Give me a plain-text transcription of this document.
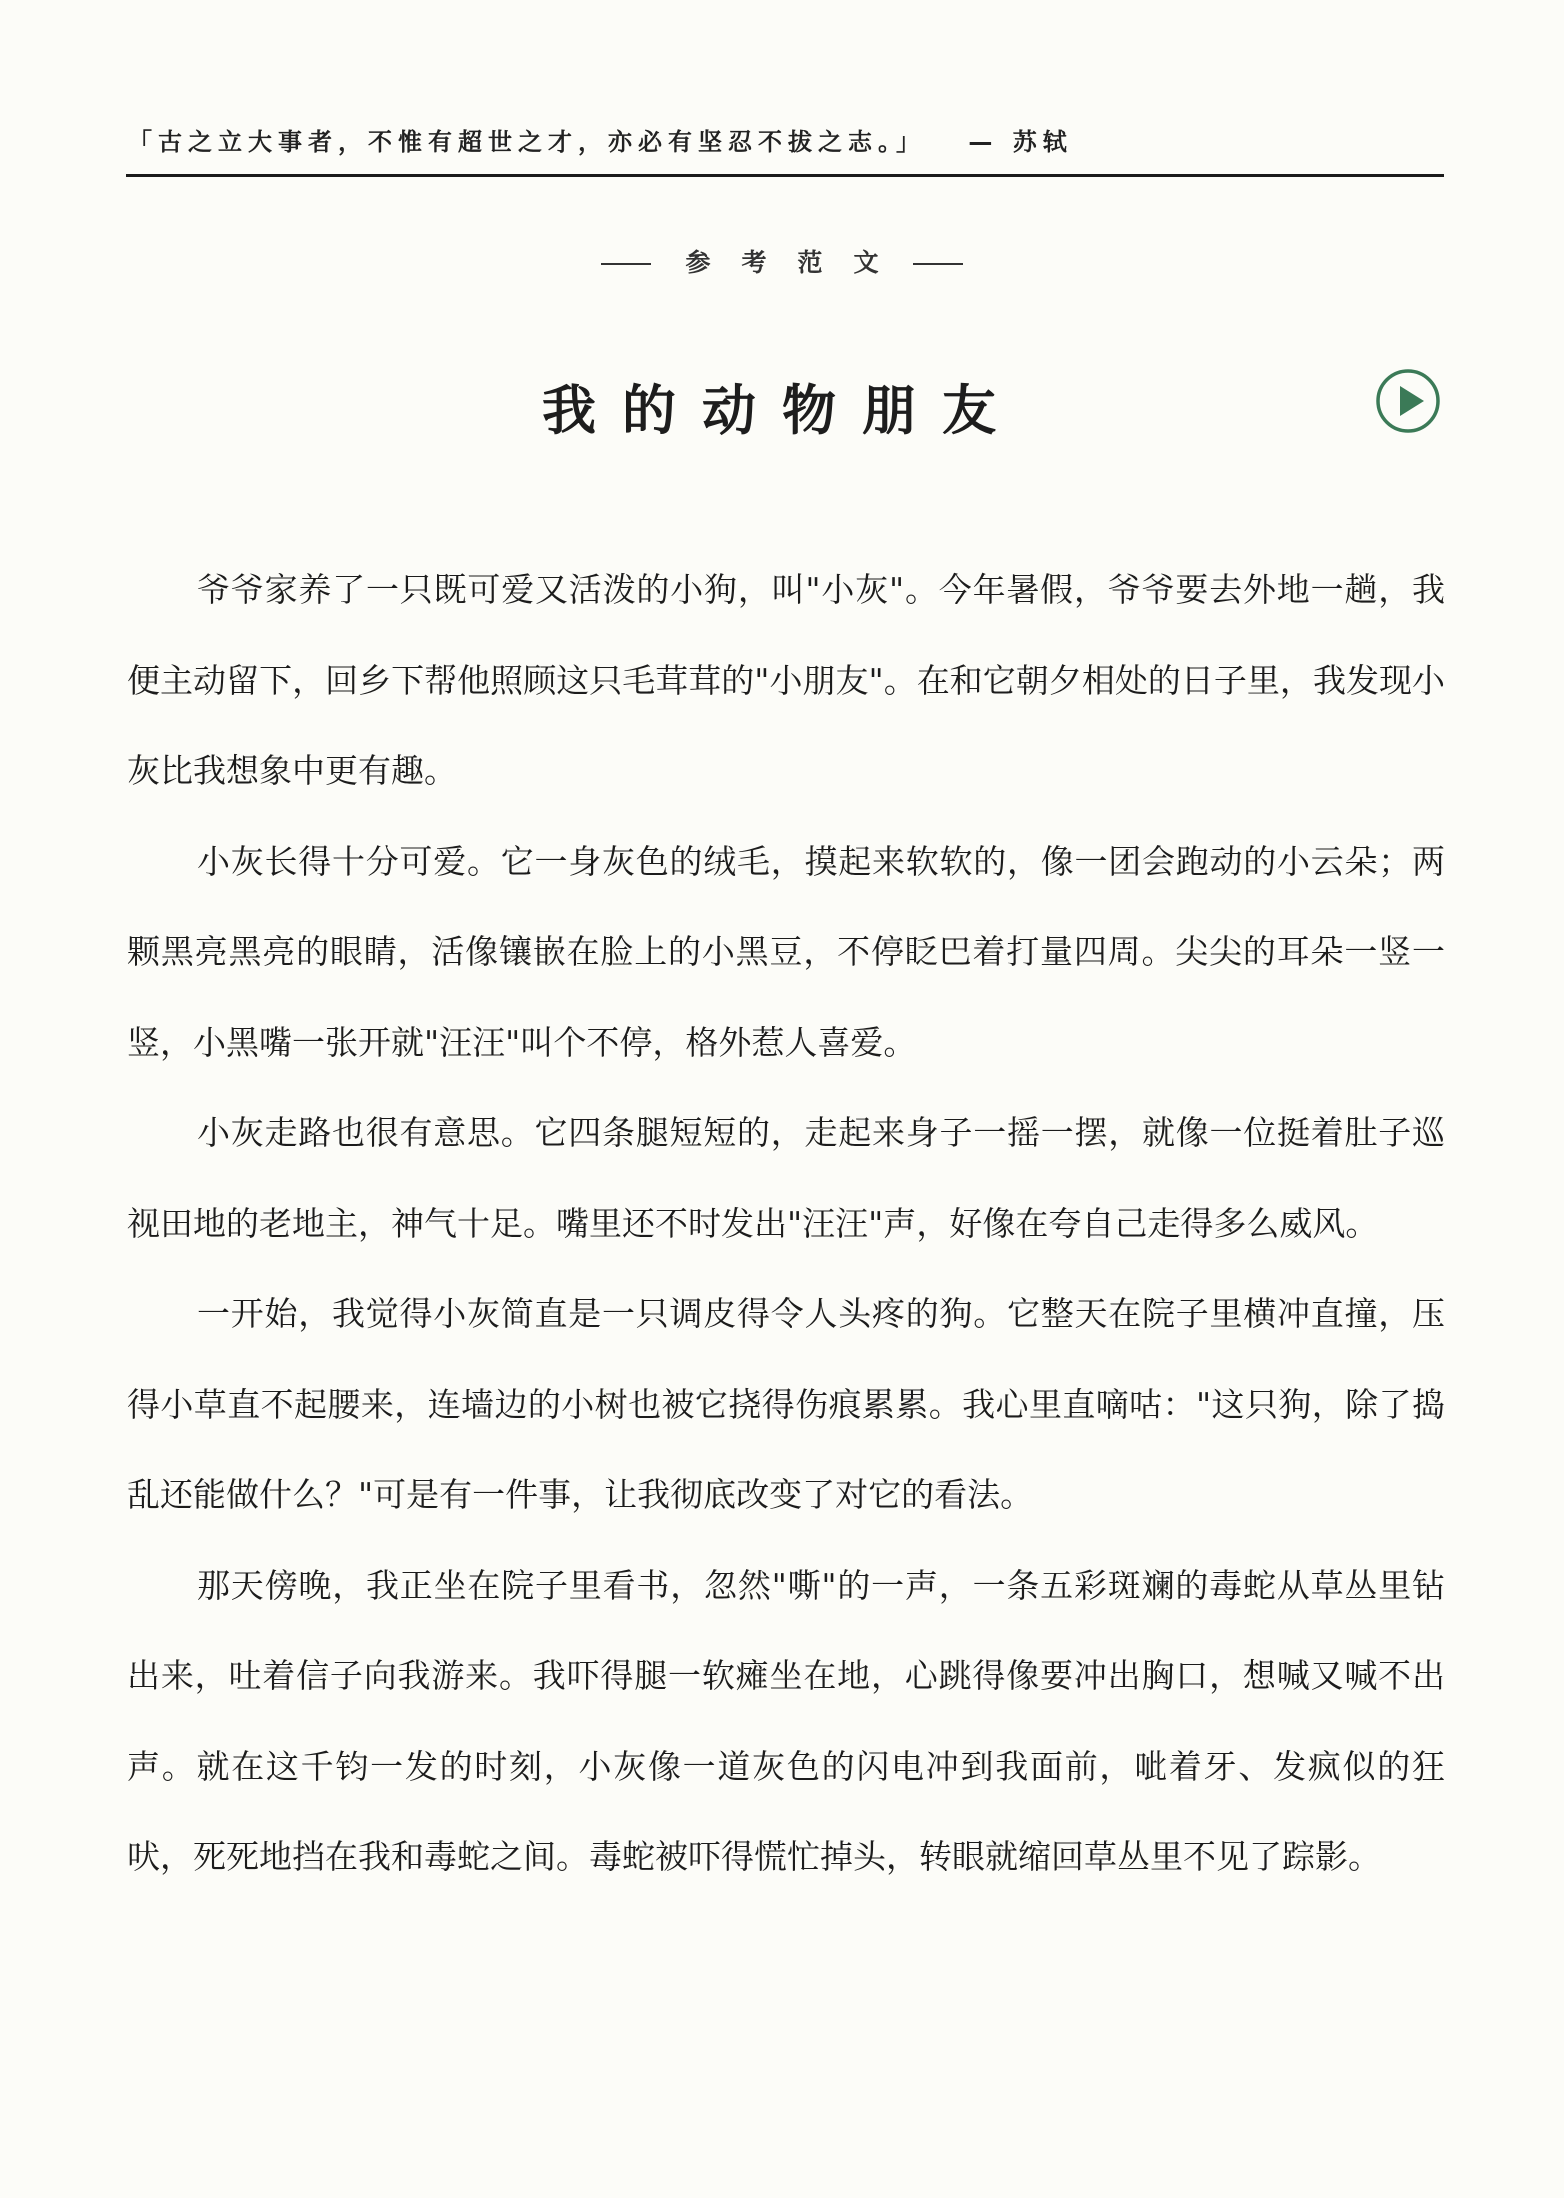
「古之立大事者，不惟有超世之才，亦必有坚忍不拔之志。」 — 苏轼
参考范文
我的动物朋友

爷爷家养了一只既可爱又活泼的小狗，叫"小灰"。今年暑假，爷爷要去外地一趟，我便主动留下，回乡下帮他照顾这只毛茸茸的"小朋友"。在和它朝夕相处的日子里，我发现小灰比我想象中更有趣。

小灰长得十分可爱。它一身灰色的绒毛，摸起来软软的，像一团会跑动的小云朵；两颗黑亮黑亮的眼睛，活像镶嵌在脸上的小黑豆，不停眨巴着打量四周。尖尖的耳朵一竖一竖，小黑嘴一张开就"汪汪"叫个不停，格外惹人喜爱。

小灰走路也很有意思。它四条腿短短的，走起来身子一摇一摆，就像一位挺着肚子巡视田地的老地主，神气十足。嘴里还不时发出"汪汪"声，好像在夸自己走得多么威风。

一开始，我觉得小灰简直是一只调皮得令人头疼的狗。它整天在院子里横冲直撞，压得小草直不起腰来，连墙边的小树也被它挠得伤痕累累。我心里直嘀咕："这只狗，除了捣乱还能做什么？"可是有一件事，让我彻底改变了对它的看法。

那天傍晚，我正坐在院子里看书，忽然"嘶"的一声，一条五彩斑斓的毒蛇从草丛里钻出来，吐着信子向我游来。我吓得腿一软瘫坐在地，心跳得像要冲出胸口，想喊又喊不出声。就在这千钧一发的时刻，小灰像一道灰色的闪电冲到我面前，呲着牙、发疯似的狂吠，死死地挡在我和毒蛇之间。毒蛇被吓得慌忙掉头，转眼就缩回草丛里不见了踪影。
